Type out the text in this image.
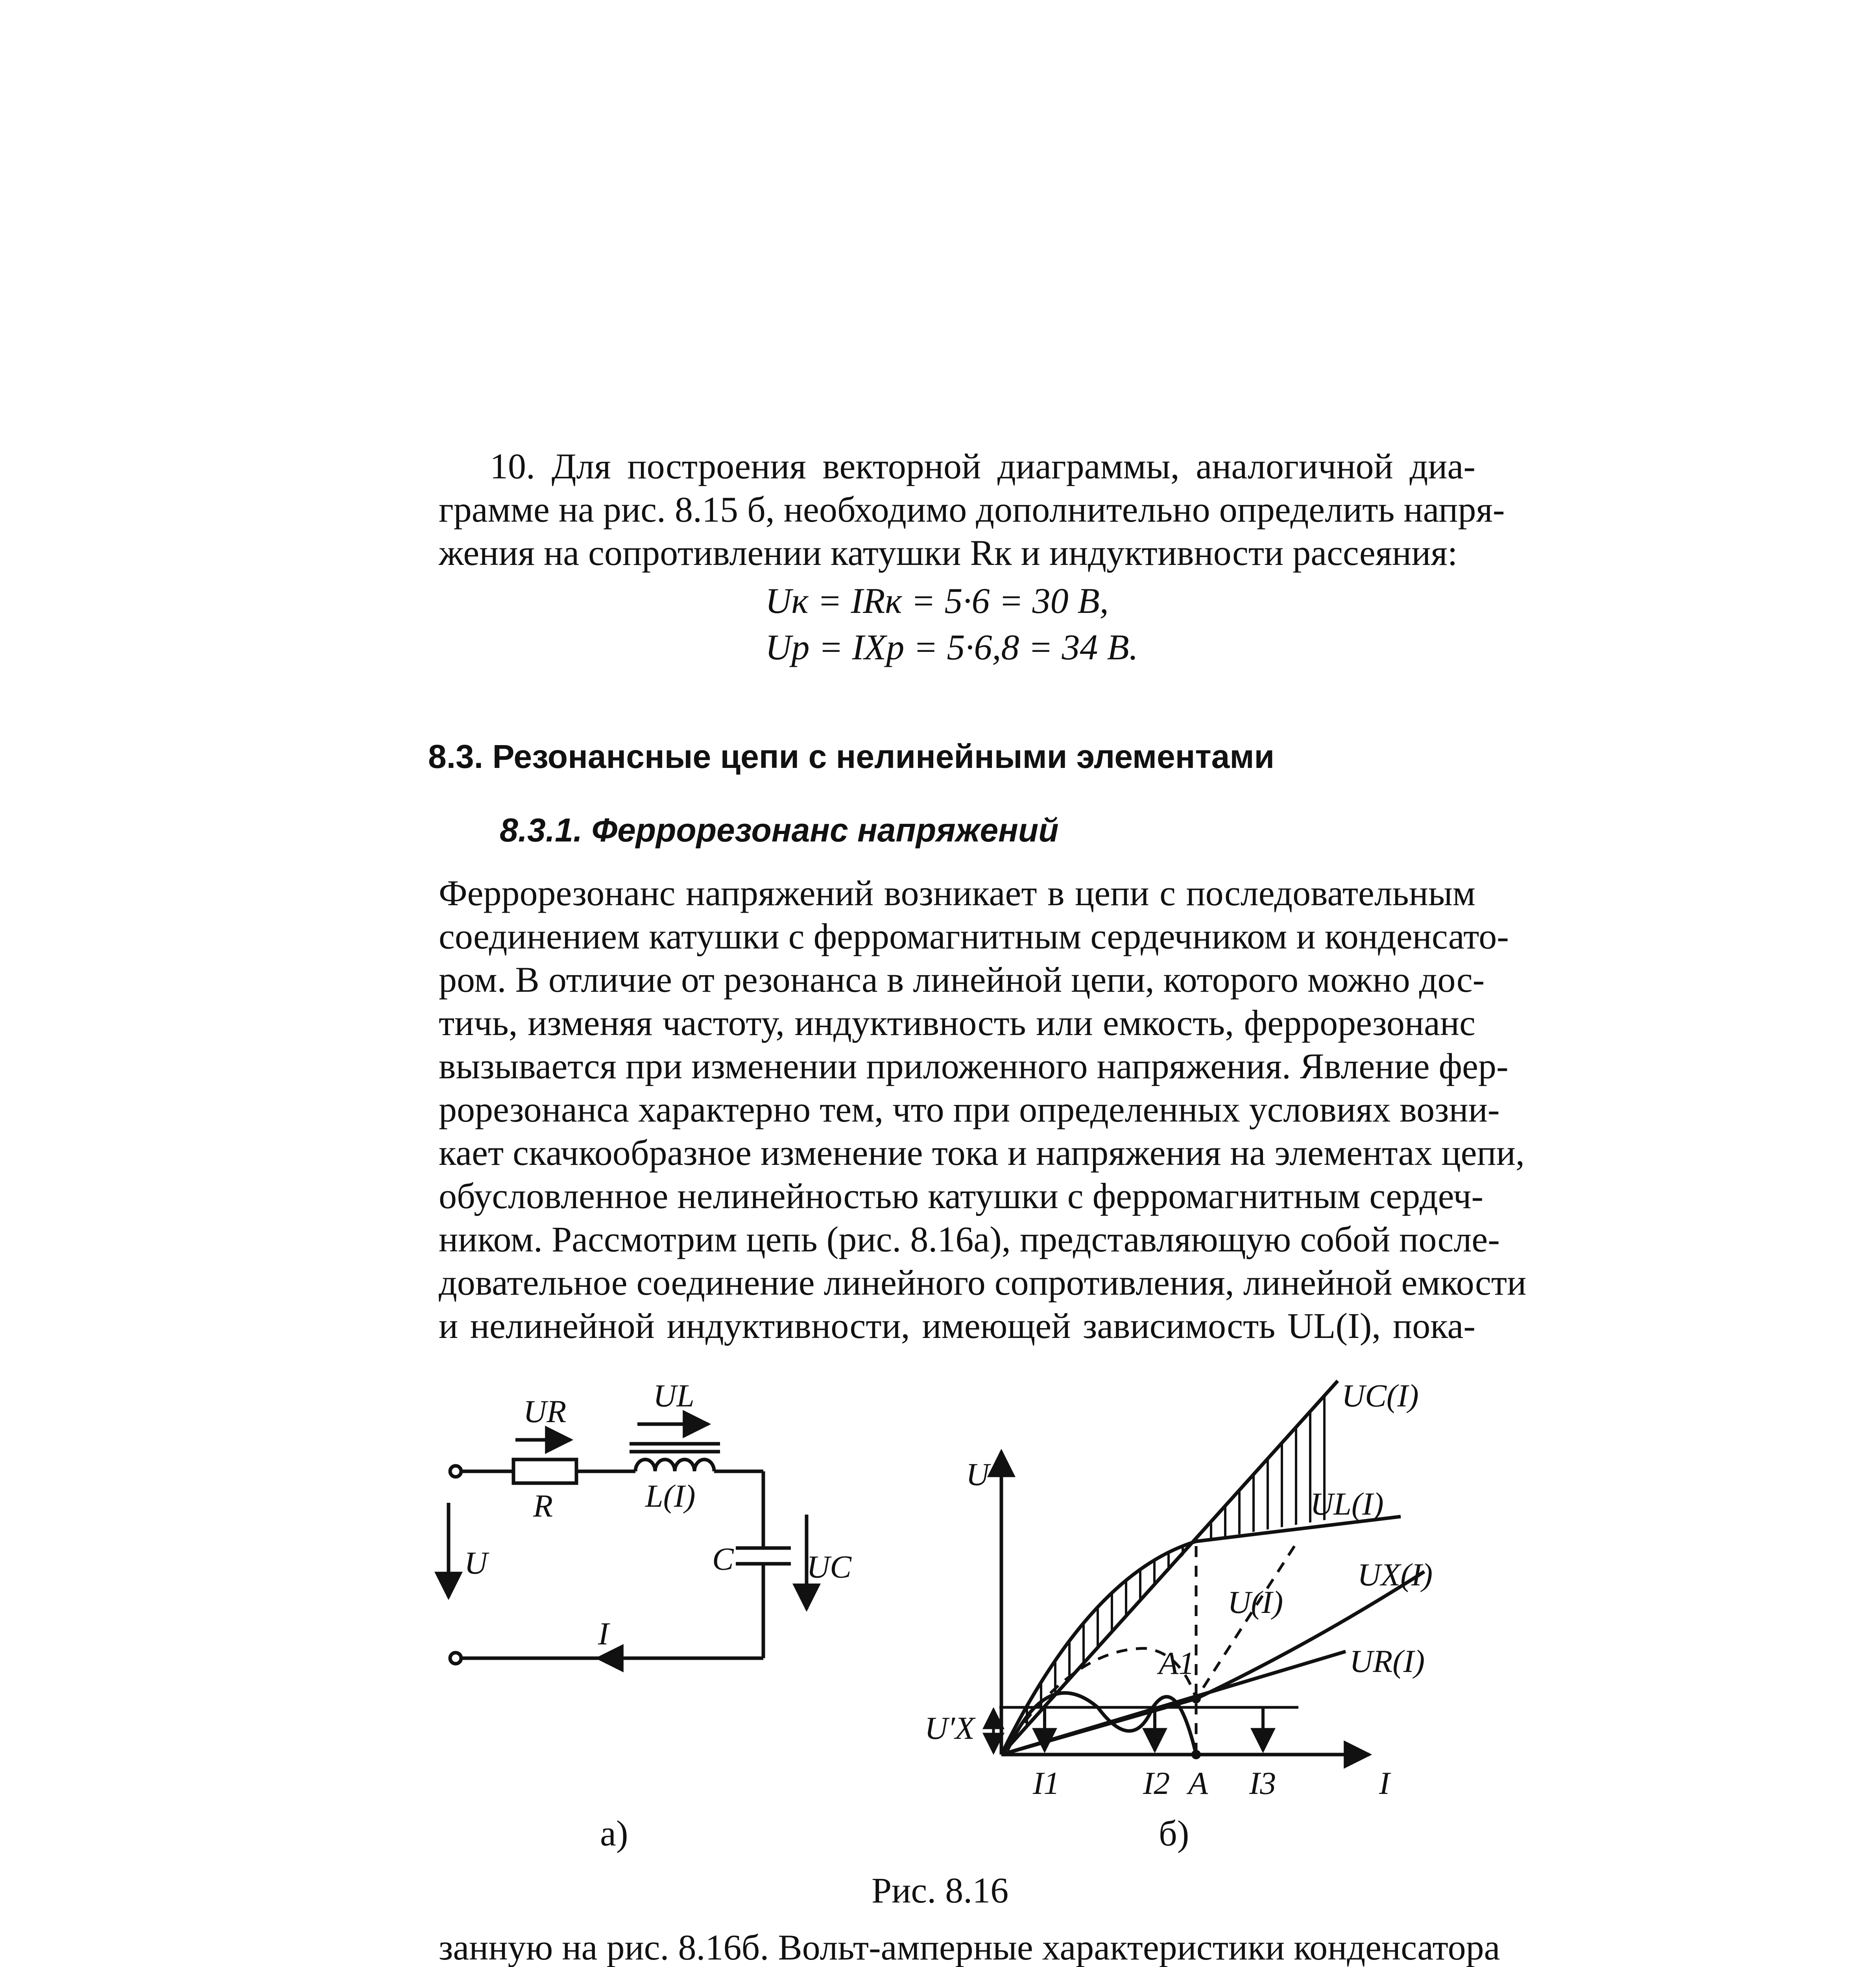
10. Для построения векторной диаграммы, аналогичной диа-
грамме на рис. 8.15 б, необходимо дополнительно определить напря-
жения на сопротивлении катушки Rк и индуктивности рассеяния:
Uк = IRк = 5·6 = 30 В,
Up = IXp = 5·6,8 = 34 В.
8.3. Резонансные цепи с нелинейными элементами
8.3.1. Феррорезонанс напряжений
Феррорезонанс напряжений возникает в цепи с последовательным
соединением катушки с ферромагнитным сердечником и конденсато-
ром. В отличие от резонанса в линейной цепи, которого можно дос-
тичь, изменяя частоту, индуктивность или емкость, феррорезонанс
вызывается при изменении приложенного напряжения. Явление фер-
рорезонанса характерно тем, что при определенных условиях возни-
кает скачкообразное изменение тока и напряжения на элементах цепи,
обусловленное нелинейностью катушки с ферромагнитным сердеч-
ником. Рассмотрим цепь (рис. 8.16а), представляющую собой после-
довательное соединение линейного сопротивления, линейной емкости
и нелинейной индуктивности, имеющей зависимость UL(I), пока-
UR	UL
R	L(I)
U	C UC
I
U
I
UC(I)
UL(I)
UX(I)
U(I)
UR(I)
A1
U′X
I1	I2 A I3
а)	б)
Рис. 8.16
занную на рис. 8.16б. Вольт-амперные характеристики конденсатора
